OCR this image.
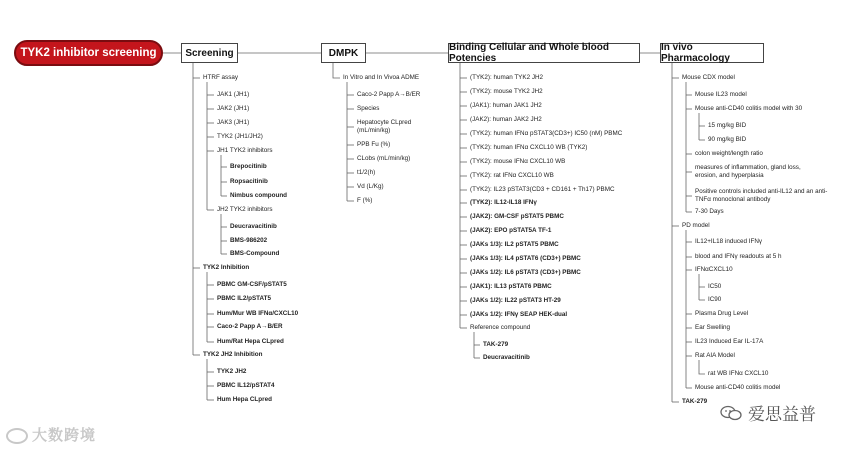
TYK2 inhibitor screening	Screening	DMPK	Binding Cellular and Whole blood Potencies
In vivo Pharmacology
HTRF assay
JAK1 (JH1)
JAK2 (JH1)
JAK3 (JH1)
TYK2 (JH1/JH2)
JH1 TYK2 inhibitors
Brepocitinib
Ropsacitinib
Nimbus compound
JH2 TYK2 inhibitors
Deucravacitinib
BMS-986202
BMS-Compound
TYK2 Inhibition
PBMC GM-CSF/pSTAT5
PBMC IL2/pSTAT5
Hum/Mur WB IFNα/CXCL10
Caco-2 Papp A→B/ER
Hum/Rat Hepa CLpred
TYK2 JH2 Inhibition
TYK2 JH2
PBMC IL12/pSTAT4
Hum Hepa CLpred
In Vitro and In Vivoa ADME
Caco-2 Papp A→B/ER
Species
Hepatocyte CLpred
(mL/min/kg)
PPB Fu (%)
CLobs (mL/min/kg)
t1/2(h)
Vd (L/Kg)
F (%)
(TYK2): human TYK2 JH2
(TYK2): mouse TYK2 JH2
(JAK1): human JAK1 JH2
(JAK2): human JAK2 JH2
(TYK2): human IFNα pSTAT3(CD3+) IC50 (nM) PBMC
(TYK2): human IFNα CXCL10 WB (TYK2)
(TYK2): mouse IFNα CXCL10 WB
(TYK2): rat IFNα CXCL10 WB
(TYK2): IL23 pSTAT3(CD3 + CD161 + Th17) PBMC
(TYK2): IL12-IL18 IFNγ
(JAK2): GM-CSF pSTAT5 PBMC
(JAK2): EPO pSTAT5A TF-1
(JAKs 1/3): IL2 pSTAT5 PBMC
(JAKs 1/3): IL4 pSTAT6 (CD3+) PBMC
(JAKs 1/2): IL6 pSTAT3 (CD3+) PBMC
(JAK1): IL13 pSTAT6 PBMC
(JAKs 1/2): IL22 pSTAT3 HT-29
(JAKs 1/2): IFNγ SEAP HEK-dual
Reference compound
TAK-279
Deucravacitinib
Mouse CDX model
Mouse IL23 model
Mouse anti-CD40 colitis model with 30
15 mg/kg BID
90 mg/kg BID
colon weight/length ratio
measures of inflammation, gland loss, erosion, and hyperplasia
Positive controls included anti-IL12 and an anti-TNFα monoclonal antibody
7-30 Days
PD model
IL12+IL18 induced IFNγ
blood and IFNγ readouts at 5 h
IFNαCXCL10
IC50
IC90
Plasma Drug Level
Ear Swelling
IL23 Induced Ear IL-17A
Rat AIA Model
rat WB IFNα CXCL10
Mouse anti-CD40 colitis model
TAK-279
大数跨境
爱思益普
